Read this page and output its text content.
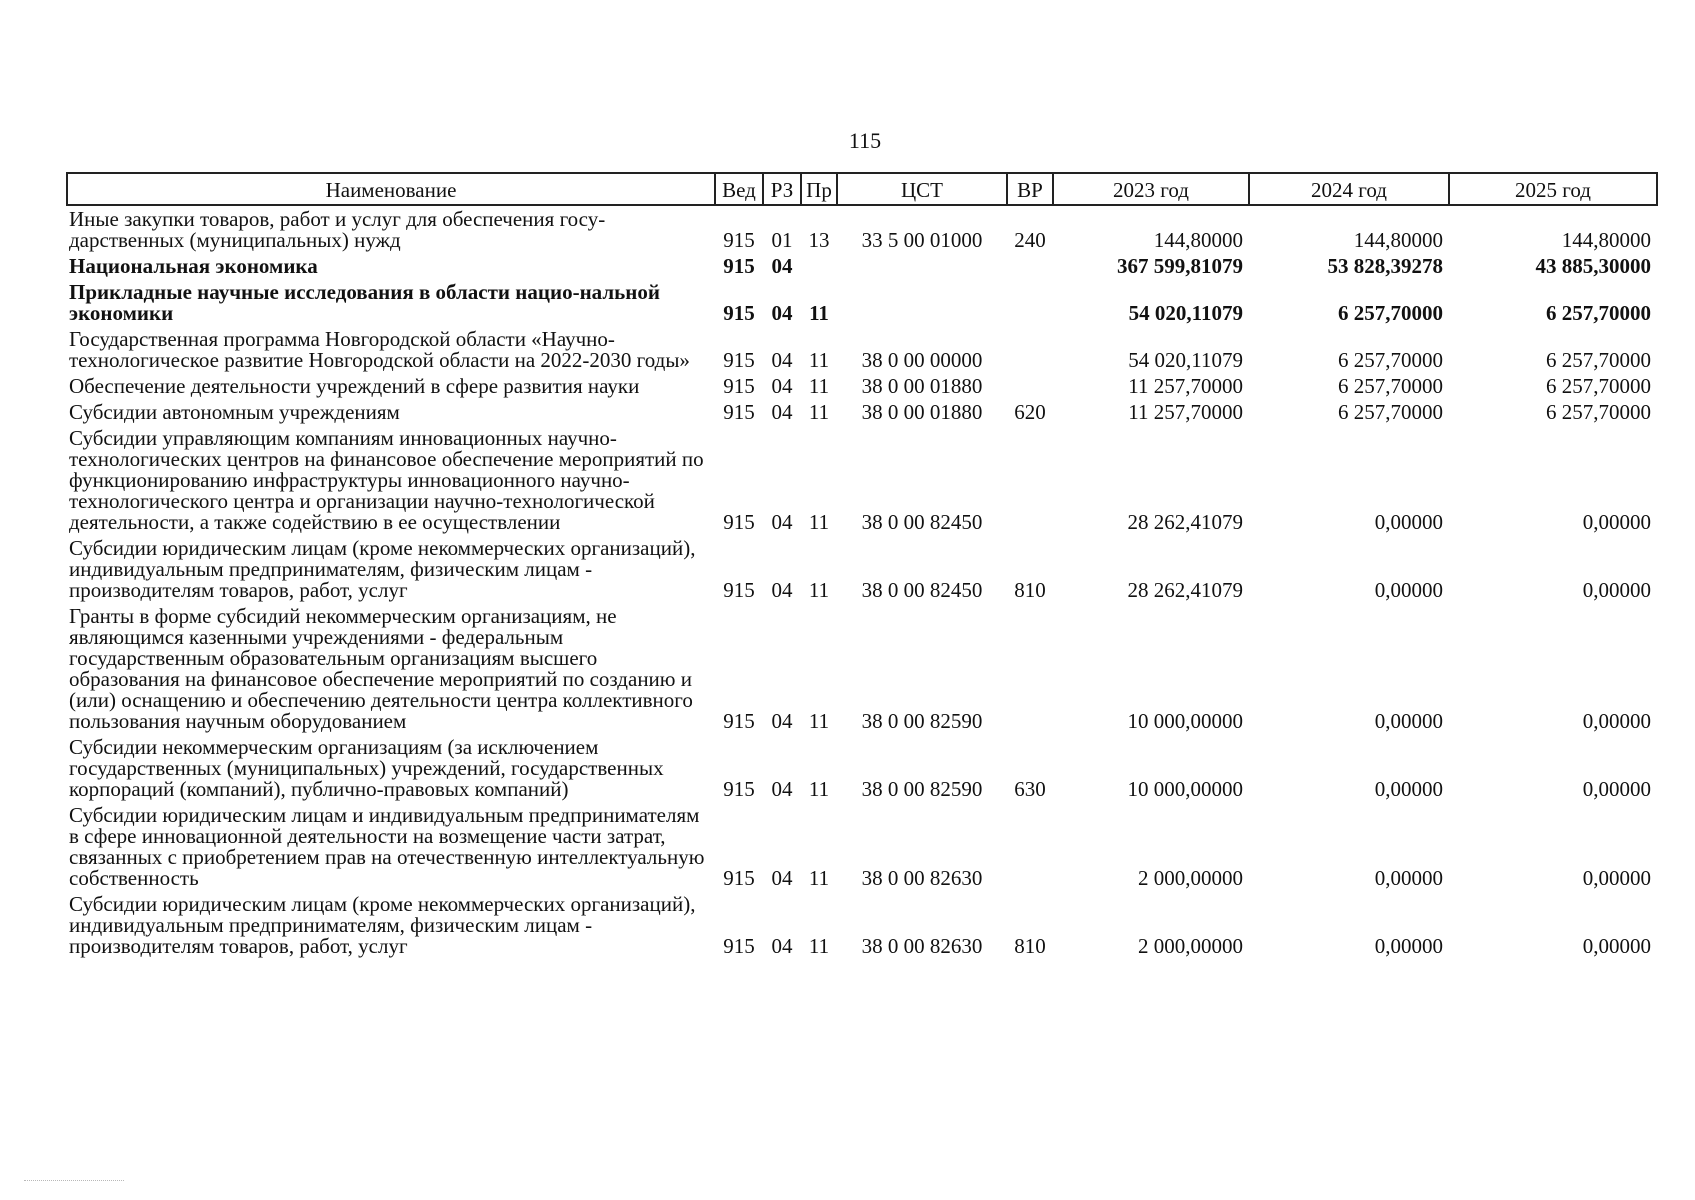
115
Наименование	Вед	РЗ	Пр	ЦСТ	ВР	2023 год	2024 год	2025 год
Иные закупки товаров, работ и услуг для обеспечения госу-дарственных (муниципальных) нужд	915	01	13	33 5 00 01000	240	144,80000	144,80000	144,80000
Национальная экономика	915	04				367 599,81079	53 828,39278	43 885,30000
Прикладные научные исследования в области нацио-нальной экономики	915	04	11			54 020,11079	6 257,70000	6 257,70000
Государственная программа Новгородской области «Научно-технологическое развитие Новгородской области на 2022-2030 годы»	915	04	11	38 0 00 00000		54 020,11079	6 257,70000	6 257,70000
Обеспечение деятельности учреждений в сфере развития науки	915	04	11	38 0 00 01880		11 257,70000	6 257,70000	6 257,70000
Субсидии автономным учреждениям	915	04	11	38 0 00 01880	620	11 257,70000	6 257,70000	6 257,70000
Субсидии управляющим компаниям инновационных научно-технологических центров на финансовое обеспечение мероприятий по функционированию инфраструктуры инновационного научно-технологического центра и организации научно-технологической деятельности, а также содействию в ее осуществлении	915	04	11	38 0 00 82450		28 262,41079	0,00000	0,00000
Субсидии юридическим лицам (кроме некоммерческих организаций), индивидуальным предпринимателям, физическим лицам - производителям товаров, работ, услуг	915	04	11	38 0 00 82450	810	28 262,41079	0,00000	0,00000
Гранты в форме субсидий некоммерческим организациям, не являющимся казенными учреждениями - федеральным государственным образовательным организациям высшего образования на финансовое обеспечение мероприятий по созданию и (или) оснащению и обеспечению деятельности центра коллективного пользования научным оборудованием	915	04	11	38 0 00 82590		10 000,00000	0,00000	0,00000
Субсидии некоммерческим организациям (за исключением государственных (муниципальных) учреждений, государственных корпораций (компаний), публично-правовых компаний)	915	04	11	38 0 00 82590	630	10 000,00000	0,00000	0,00000
Субсидии юридическим лицам и индивидуальным предпринимателям в сфере инновационной деятельности на возмещение части затрат, связанных с приобретением прав на отечественную интеллектуальную собственность	915	04	11	38 0 00 82630		2 000,00000	0,00000	0,00000
Субсидии юридическим лицам (кроме некоммерческих организаций), индивидуальным предпринимателям, физическим лицам - производителям товаров, работ, услуг	915	04	11	38 0 00 82630	810	2 000,00000	0,00000	0,00000
